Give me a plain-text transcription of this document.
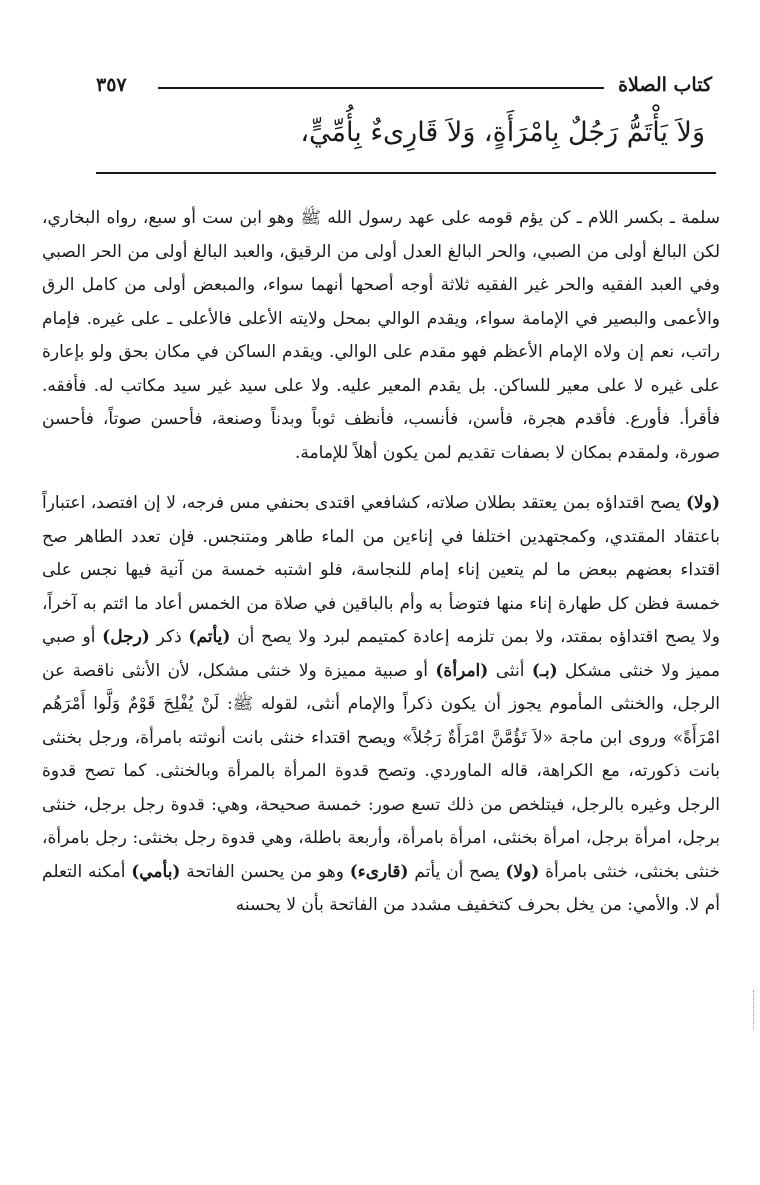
كتاب الصلاة
٣٥٧
وَلاَ يَأْتَمُّ رَجُلٌ بِامْرَأَةٍ، وَلاَ قَارِىءٌ بِأُمِّيٍّ،

سلمة ـ بكسر اللام ـ كن يؤم قومه على عهد رسول الله ﷺ وهو ابن ست أو سبع، رواه البخاري، لكن البالغ أولى من الصبي، والحر البالغ العدل أولى من الرقيق، والعبد البالغ أولى من الحر الصبي وفي العبد الفقيه والحر غير الفقيه ثلاثة أوجه أصحها أنهما سواء، والمبعض أولى من كامل الرق والأعمى والبصير في الإمامة سواء، ويقدم الوالي بمحل ولايته الأعلى فالأعلى ـ على غيره. فإمام راتب، نعم إن ولاه الإمام الأعظم فهو مقدم على الوالي. ويقدم الساكن في مكان بحق ولو بإعارة على غيره لا على معير للساكن. بل يقدم المعير عليه. ولا على سيد غير سيد مكاتب له. فأفقه. فأقرأ. فأورع. فأقدم هجرة، فأسن، فأنسب، فأنظف ثوباً وبدناً وصنعة، فأحسن صوتاً، فأحسن صورة، ولمقدم بمكان لا بصفات تقديم لمن يكون أهلاً للإمامة.

(ولا) يصح اقتداؤه بمن يعتقد بطلان صلاته، كشافعي اقتدى بحنفي مس فرجه، لا إن افتصد، اعتباراً باعتقاد المقتدي، وكمجتهدين اختلفا في إناءين من الماء طاهر ومتنجس. فإن تعدد الطاهر صح اقتداء بعضهم ببعض ما لم يتعين إناء إمام للنجاسة، فلو اشتبه خمسة من آنية فيها نجس على خمسة فظن كل طهارة إناء منها فتوضأ به وأم بالباقين في صلاة من الخمس أعاد ما ائتم به آخراً، ولا يصح اقتداؤه بمقتد، ولا بمن تلزمه إعادة كمتيمم لبرد ولا يصح أن (يأتم) ذكر (رجل) أو صبي مميز ولا خنثى مشكل (بـ) أنثى (امرأة) أو صبية مميزة ولا خنثى مشكل، لأن الأنثى ناقصة عن الرجل، والخنثى المأموم يجوز أن يكون ذكراً والإمام أنثى، لقوله ﷺ: لَنْ يُفْلِحَ قَوْمٌ وَلَّوا أَمْرَهُم امْرَأَةً» وروى ابن ماجة «لاَ تَؤُمَّنَّ امْرَأَةٌ رَجُلاً» ويصح اقتداء خنثى بانت أنوثته بامرأة، ورجل بخنثى بانت ذكورته، مع الكراهة، قاله الماوردي. وتصح قدوة المرأة بالمرأة وبالخنثى. كما تصح قدوة الرجل وغيره بالرجل، فيتلخص من ذلك تسع صور: خمسة صحيحة، وهي: قدوة رجل برجل، خنثى برجل، امرأة برجل، امرأة بخنثى، امرأة بامرأة، وأربعة باطلة، وهي قدوة رجل بخنثى: رجل بامرأة، خنثى بخنثى، خنثى بامرأة (ولا) يصح أن يأتم (قارىء) وهو من يحسن الفاتحة (بأمي) أمكنه التعلم أم لا. والأمي: من يخل بحرف كتخفيف مشدد من الفاتحة بأن لا يحسنه
